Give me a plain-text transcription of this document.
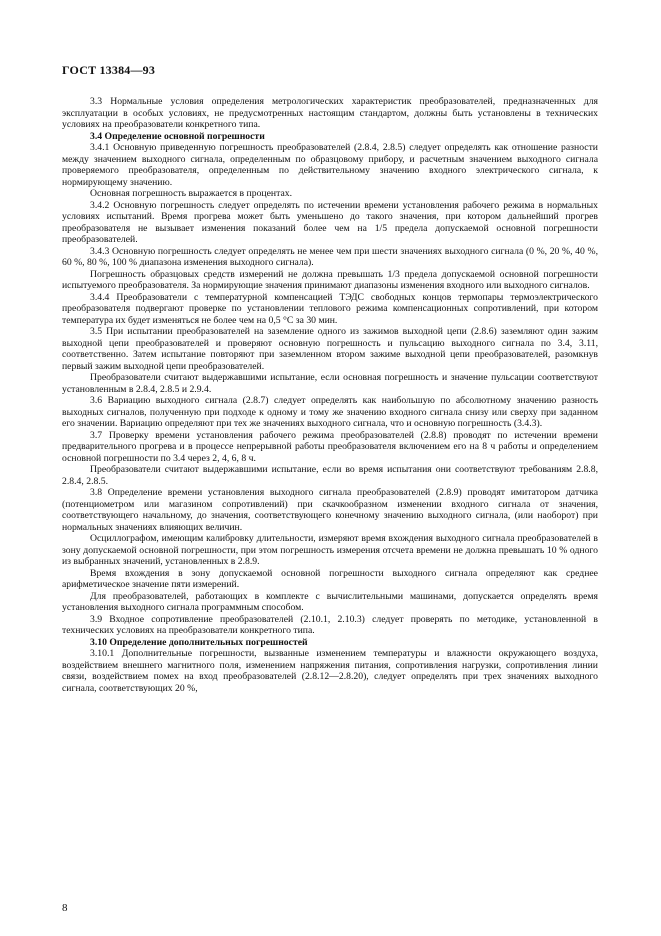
ГОСТ 13384—93

3.3 Нормальные условия определения метрологических характеристик преобразователей, предназначенных для эксплуатации в особых условиях, не предусмотренных настоящим стандартом, должны быть установлены в технических условиях на преобразователи конкретного типа.

3.4 Определение основной погрешности

3.4.1 Основную приведенную погрешность преобразователей (2.8.4, 2.8.5) следует определять как отношение разности между значением выходного сигнала, определенным по образцовому прибору, и расчетным значением выходного сигнала проверяемого преобразователя, определенным по действительному значению входного электрического сигнала, к нормирующему значению.

Основная погрешность выражается в процентах.

3.4.2 Основную погрешность следует определять по истечении времени установления рабочего режима в нормальных условиях испытаний. Время прогрева может быть уменьшено до такого значения, при котором дальнейший прогрев преобразователя не вызывает изменения показаний более чем на 1/5 предела допускаемой основной погрешности преобразователей.

3.4.3 Основную погрешность следует определять не менее чем при шести значениях выходного сигнала (0 %, 20 %, 40 %, 60 %, 80 %, 100 % диапазона изменения выходного сигнала).

Погрешность образцовых средств измерений не должна превышать 1/3 предела допускаемой основной погрешности испытуемого преобразователя. За нормирующие значения принимают диапазоны изменения входного или выходного сигналов.

3.4.4 Преобразователи с температурной компенсацией ТЭДС свободных концов термопары термоэлектрического преобразователя подвергают проверке по установлении теплового режима компенсационных сопротивлений, при котором температура их будет изменяться не более чем на 0,5 °С за 30 мин.

3.5 При испытании преобразователей на заземление одного из зажимов выходной цепи (2.8.6) заземляют один зажим выходной цепи преобразователей и проверяют основную погрешность и пульсацию выходного сигнала по 3.4, 3.11, соответственно. Затем испытание повторяют при заземленном втором зажиме выходной цепи преобразователей, разомкнув первый зажим выходной цепи преобразователей.

Преобразователи считают выдержавшими испытание, если основная погрешность и значение пульсации соответствуют установленным в 2.8.4, 2.8.5 и 2.9.4.

3.6 Вариацию выходного сигнала (2.8.7) следует определять как наибольшую по абсолютному значению разность выходных сигналов, полученную при подходе к одному и тому же значению входного сигнала снизу или сверху при заданном его значении. Вариацию определяют при тех же значениях выходного сигнала, что и основную погрешность (3.4.3).

3.7 Проверку времени установления рабочего режима преобразователей (2.8.8) проводят по истечении времени предварительного прогрева и в процессе непрерывной работы преобразователя включением его на 8 ч работы и определением основной погрешности по 3.4 через 2, 4, 6, 8 ч.

Преобразователи считают выдержавшими испытание, если во время испытания они соответствуют требованиям 2.8.8, 2.8.4, 2.8.5.

3.8 Определение времени установления выходного сигнала преобразователей (2.8.9) проводят имитатором датчика (потенциометром или магазином сопротивлений) при скачкообразном изменении входного сигнала от значения, соответствующего начальному, до значения, соответствующего конечному значению выходного сигнала, (или наоборот) при нормальных значениях влияющих величин.

Осциллографом, имеющим калибровку длительности, измеряют время вхождения выходного сигнала преобразователей в зону допускаемой основной погрешности, при этом погрешность измерения отсчета времени не должна превышать 10 % одного из выбранных значений, установленных в 2.8.9.

Время вхождения в зону допускаемой основной погрешности выходного сигнала определяют как среднее арифметическое значение пяти измерений.

Для преобразователей, работающих в комплекте с вычислительными машинами, допускается определять время установления выходного сигнала программным способом.

3.9 Входное сопротивление преобразователей (2.10.1, 2.10.3) следует проверять по методике, установленной в технических условиях на преобразователи конкретного типа.

3.10 Определение дополнительных погрешностей

3.10.1 Дополнительные погрешности, вызванные изменением температуры и влажности окружающего воздуха, воздействием внешнего магнитного поля, изменением напряжения питания, сопротивления нагрузки, сопротивления линии связи, воздействием помех на вход преобразователей (2.8.12—2.8.20), следует определять при трех значениях выходного сигнала, соответствующих 20 %,

8
